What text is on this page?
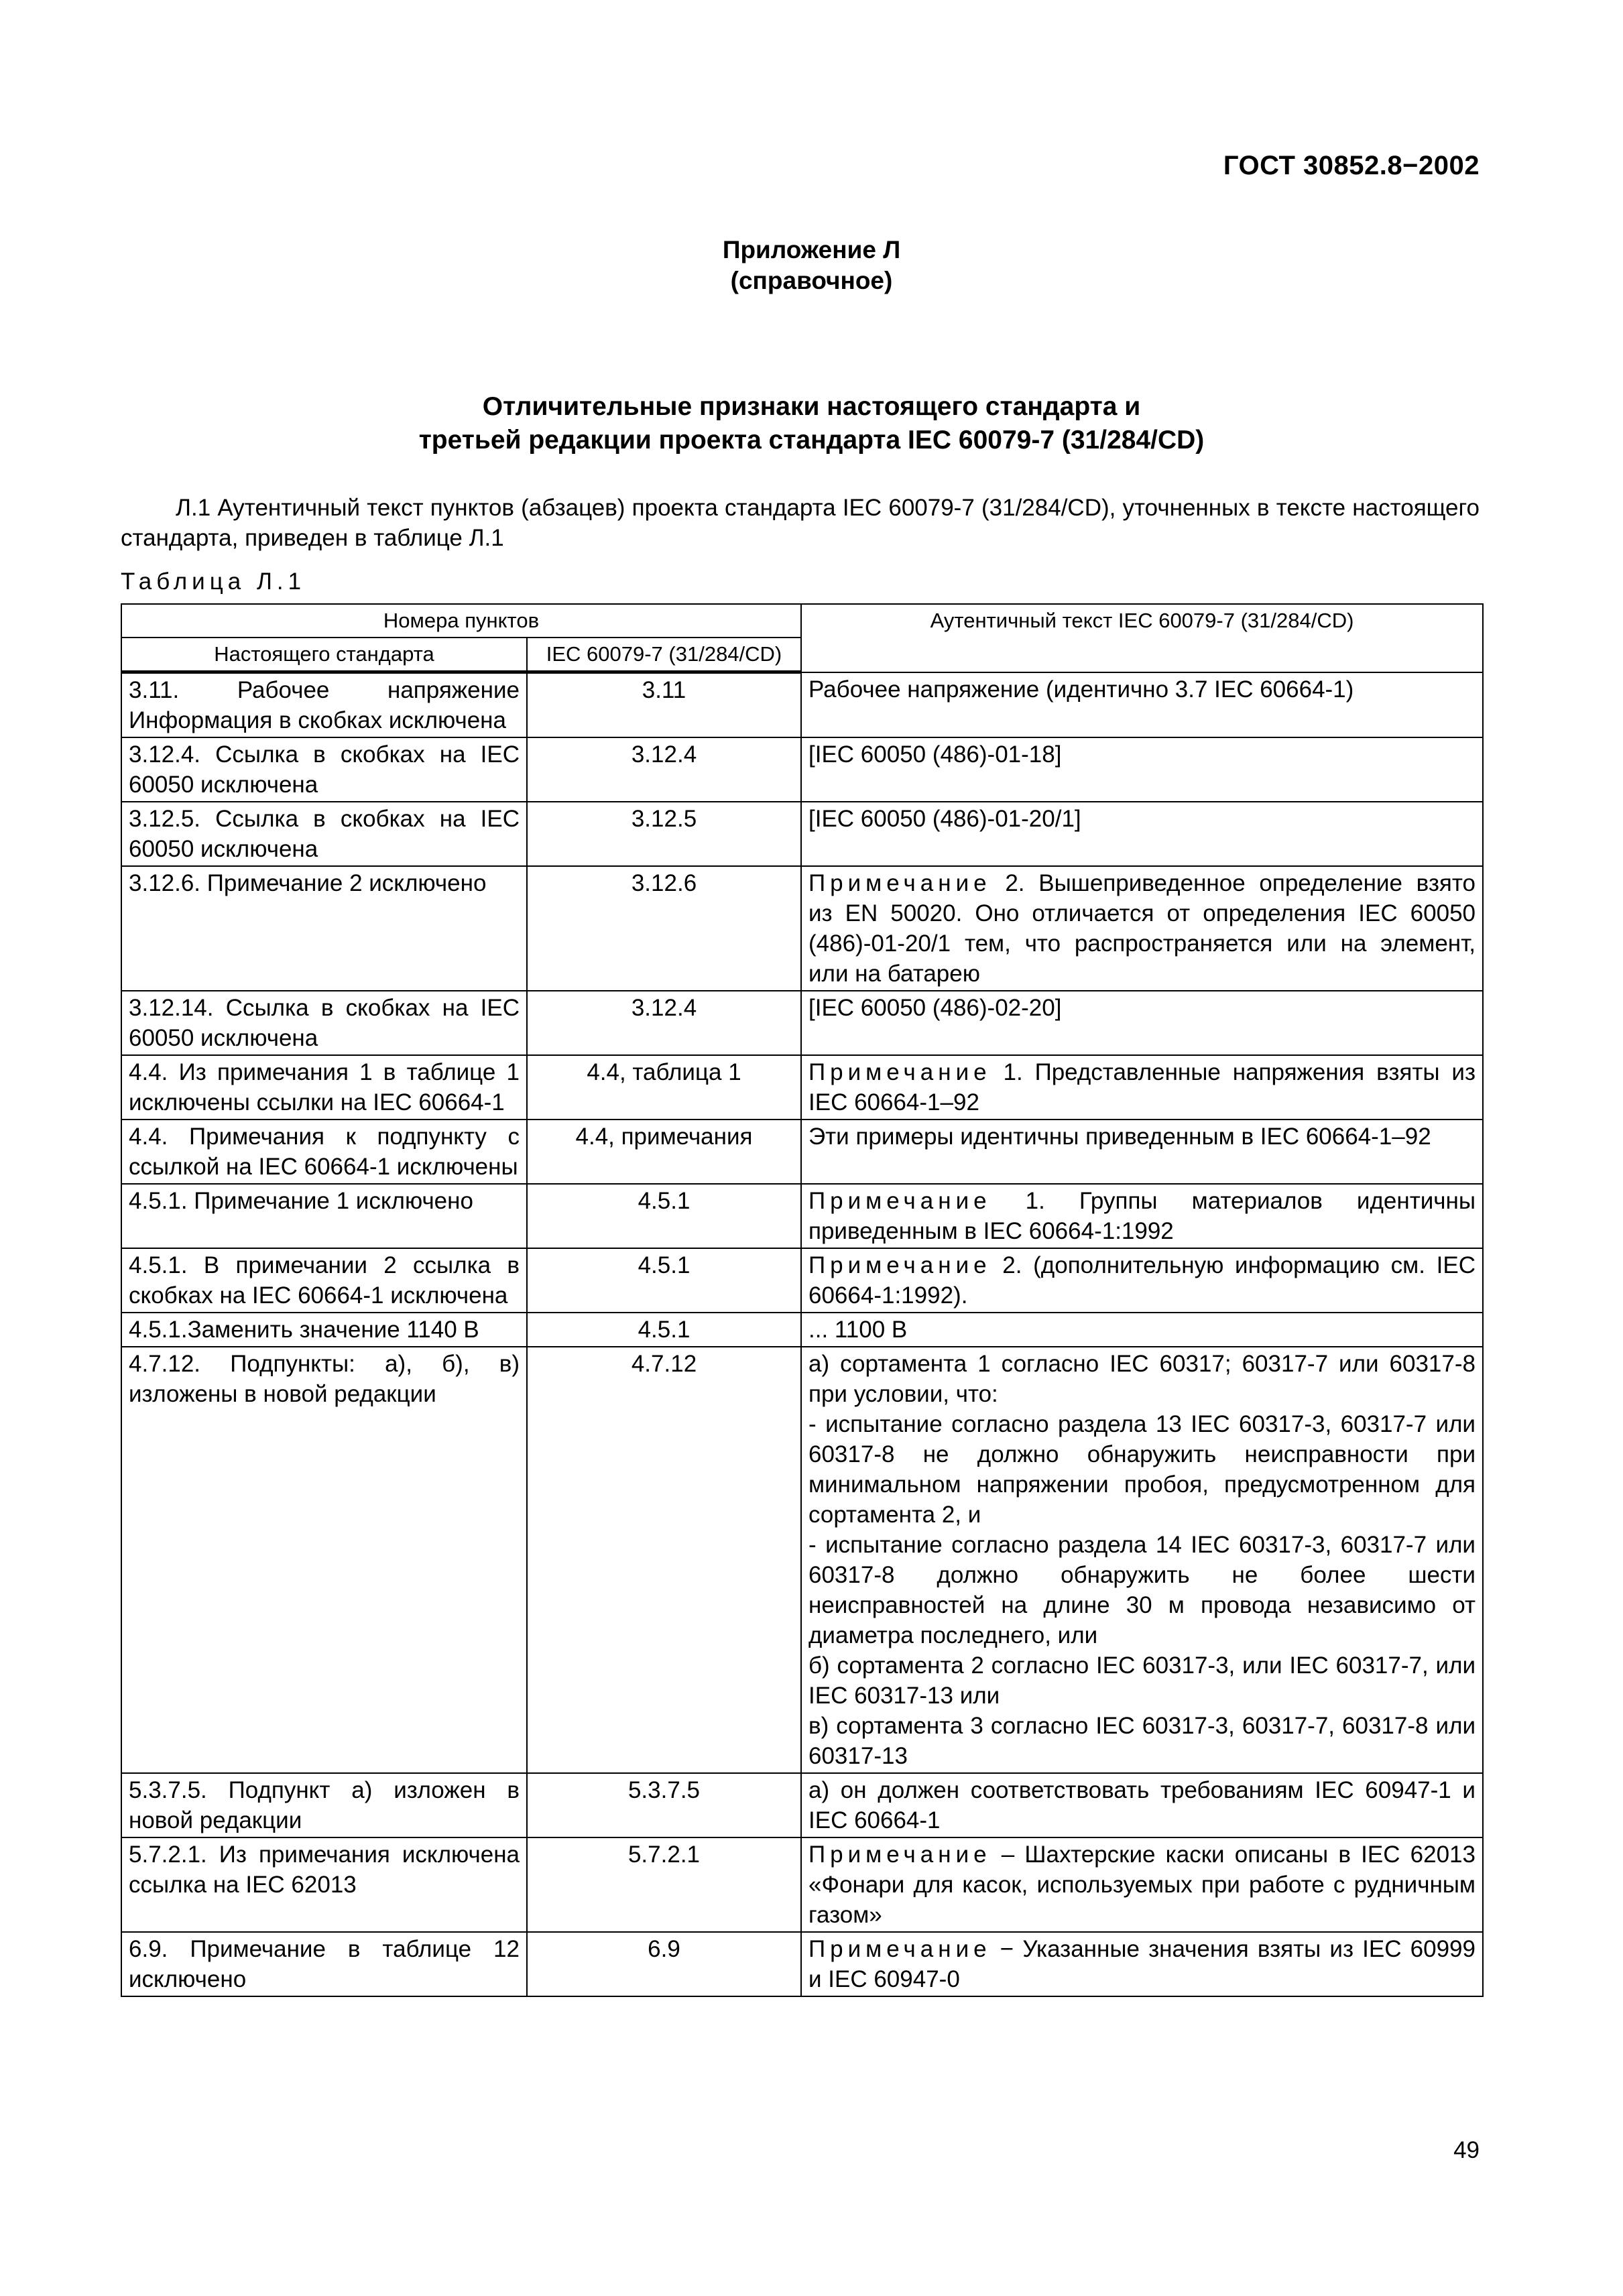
ГОСТ 30852.8−2002
Приложение Л
(справочное)
Отличительные признаки настоящего стандарта и
третьей редакции проекта стандарта IEC 60079-7 (31/284/CD)

Л.1 Аутентичный текст пунктов (абзацев) проекта стандарта IEC 60079-7 (31/284/CD), уточненных в тексте настоящего стандарта, приведен в таблице Л.1

Таблица Л.1
Номера пунктов		Аутентичный текст IEC 60079-7 (31/284/CD)
Настоящего стандарта	IEC 60079-7 (31/284/CD)	
3.11. Рабочее напряжение Информация в скобках исключена	3.11	Рабочее напряжение (идентично 3.7 IEC 60664-1)
3.12.4. Ссылка в скобках на IEC 60050 исключена	3.12.4	[IEC 60050 (486)-01-18]
3.12.5. Ссылка в скобках на IEC 60050 исключена	3.12.5	[IEC 60050 (486)-01-20/1]
3.12.6. Примечание 2 исключено	3.12.6	Примечание 2. Вышеприведенное определение взято из EN 50020. Оно отличается от определения IEC 60050 (486)-01-20/1 тем, что распространяется или на элемент, или на батарею
3.12.14. Ссылка в скобках на IEC 60050 исключена	3.12.4	[IEC 60050 (486)-02-20]
4.4. Из примечания 1 в таблице 1 исключены ссылки на IEC 60664-1	4.4, таблица 1	Примечание 1. Представленные напряжения взяты из IEC 60664-1–92
4.4. Примечания к подпункту с ссылкой на IEC 60664-1 исключены	4.4, примечания	Эти примеры идентичны приведенным в IEC 60664-1–92
4.5.1. Примечание 1 исключено	4.5.1	Примечание 1. Группы материалов идентичны приведенным в IEC 60664-1:1992
4.5.1. В примечании 2 ссылка в скобках на IEC 60664-1 исключена	4.5.1	Примечание 2. (дополнительную информацию см. IEC 60664-1:1992).
4.5.1.Заменить значение 1140 В	4.5.1	... 1100 В
4.7.12. Подпункты: а), б), в) изложены в новой редакции	4.7.12	а) сортамента 1 согласно IEC 60317; 60317-7 или 60317-8 при условии, что:
- испытание согласно раздела 13 IEC 60317-3, 60317-7 или 60317-8 не должно обнаружить неисправности при минимальном напряжении пробоя, предусмотренном для сортамента 2, и
- испытание согласно раздела 14 IEC 60317-3, 60317-7 или 60317-8 должно обнаружить не более шести неисправностей на длине 30 м провода независимо от диаметра последнего, или
б) сортамента 2 согласно IEC 60317-3, или IEC 60317-7, или IEC 60317-13 или
в) сортамента 3 согласно IEC 60317-3, 60317-7, 60317-8 или 60317-13
5.3.7.5. Подпункт а) изложен в новой редакции	5.3.7.5	а) он должен соответствовать требованиям IEC 60947-1 и IEC 60664-1
5.7.2.1. Из примечания исключена ссылка на IEC 62013	5.7.2.1	Примечание – Шахтерские каски описаны в IEC 62013 «Фонари для касок, используемых при работе с рудничным газом»
6.9. Примечание в таблице 12 исключено	6.9	Примечание − Указанные значения взяты из IEC 60999 и IEC 60947-0
49
